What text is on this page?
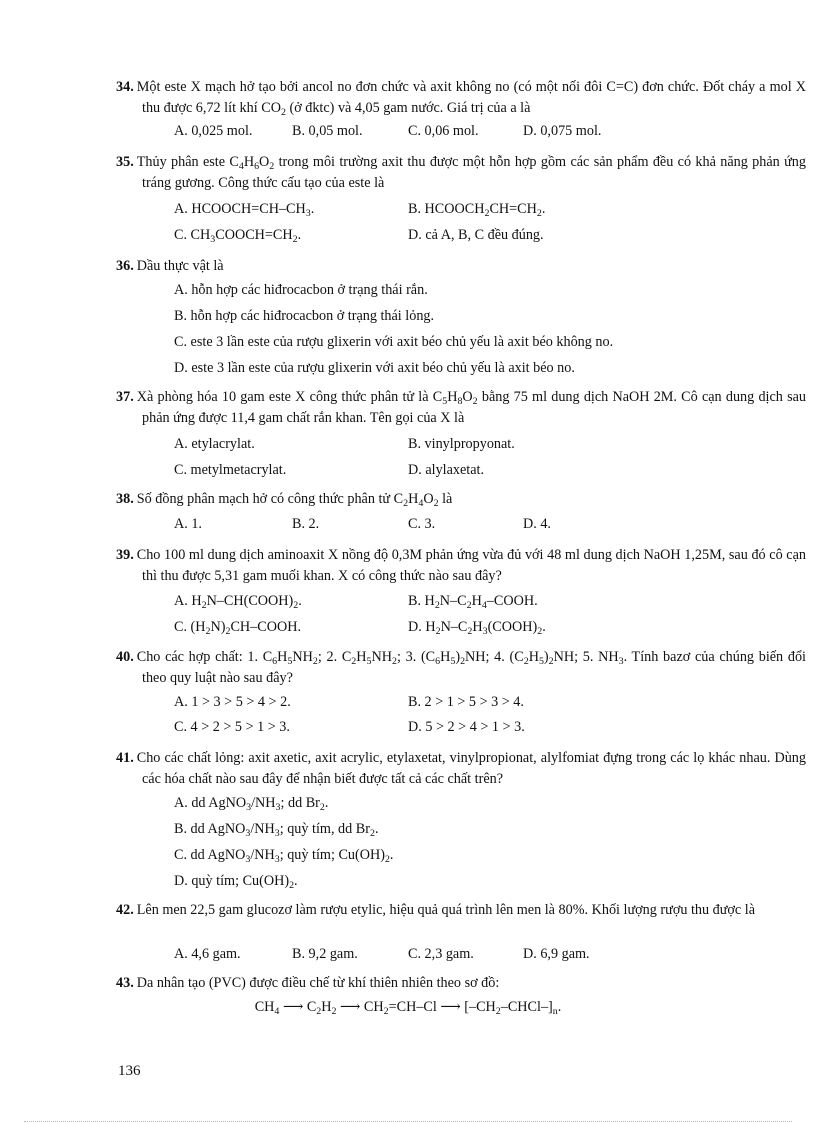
34. Một este X mạch hở tạo bởi ancol no đơn chức và axit không no (có một nối đôi C=C) đơn chức. Đốt cháy a mol X thu được 6,72 lít khí $CO_2$ (ở đktc) và 4,05 gam nước. Giá trị của a là
A. 0,025 mol.	B. 0,05 mol.	C. 0,06 mol.	D. 0,075 mol.
35. Thủy phân este $C_4H_6O_2$ trong môi trường axit thu được một hỗn hợp gồm các sản phẩm đều có khả năng phản ứng tráng gương. Công thức cấu tạo của este là
A. $HCOOCH=CH-CH_3$.	B. $HCOOCH_2CH=CH_2$.
C. $CH_3COOCH=CH_2$.	D. cả A, B, C đều đúng.
36. Dầu thực vật là
A. hỗn hợp các hiđrocacbon ở trạng thái rắn.
B. hỗn hợp các hiđrocacbon ở trạng thái lỏng.
C. este 3 lần este của rượu glixerin với axit béo chủ yếu là axit béo không no.
D. este 3 lần este của rượu glixerin với axit béo chủ yếu là axit béo no.
37. Xà phòng hóa 10 gam este X công thức phân tử là $C_5H_8O_2$ bằng 75 ml dung dịch NaOH 2M. Cô cạn dung dịch sau phản ứng được 11,4 gam chất rắn khan. Tên gọi của X là
A. etylacrylat.	B. vinylpropyonat.
C. metylmetacrylat.	D. alylaxetat.
38. Số đồng phân mạch hở có công thức phân tử $C_2H_4O_2$ là
A. 1.	B. 2.	C. 3.	D. 4.
39. Cho 100 ml dung dịch aminoaxit X nồng độ 0,3M phản ứng vừa đủ với 48 ml dung dịch NaOH 1,25M, sau đó cô cạn thì thu được 5,31 gam muối khan. X có công thức nào sau đây?
A. $H_2N-CH(COOH)_2$.	B. $H_2N-C_2H_4$–COOH.
C. $(H_2N)_2CH$–COOH.	D. $H_2N-C_2H_3(COOH)_2$.
40. Cho các hợp chất: 1. $C_6H_5NH_2$; 2. $C_2H_5NH_2$; 3. $(C_6H_5)_2NH$; 4. $(C_2H_5)_2NH$; 5. $NH_3$. Tính bazơ của chúng biến đổi theo quy luật nào sau đây?
A. 1 > 3 > 5 > 4 > 2.	B. 2 > 1 > 5 > 3 > 4.
C. 4 > 2 > 5 > 1 > 3.	D. 5 > 2 > 4 > 1 > 3.
41. Cho các chất lỏng: axit axetic, axit acrylic, etylaxetat, vinylpropionat, alylfomiat đựng trong các lọ khác nhau. Dùng các hóa chất nào sau đây để nhận biết được tất cả các chất trên?
A. dd $AgNO_3/NH_3$; dd $Br_2$.
B. dd $AgNO_3/NH_3$; quỳ tím, dd $Br_2$.
C. dd $AgNO_3/NH_3$; quỳ tím; $Cu(OH)_2$.
D. quỳ tím; $Cu(OH)_2$.
42. Lên men 22,5 gam glucozơ làm rượu etylic, hiệu quả quá trình lên men là 80%. Khối lượng rượu thu được là
A. 4,6 gam.	B. 9,2 gam.	C. 2,3 gam.	D. 6,9 gam.
43. Da nhân tạo (PVC) được điều chế từ khí thiên nhiên theo sơ đồ:
$CH_4$ ⟶ $C_2H_2$ ⟶ $CH_2=CH-Cl$ ⟶ $[-CH_2-CHCl-]_n$.
136
